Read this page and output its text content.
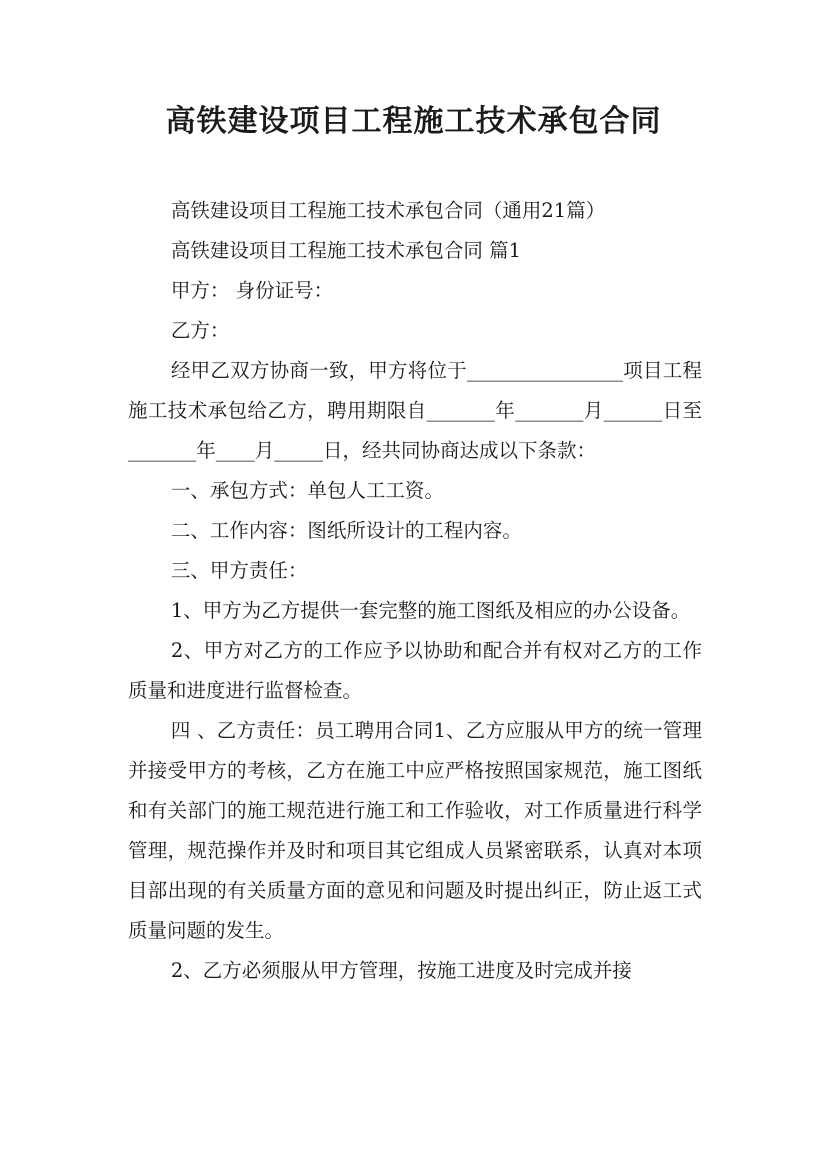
高铁建设项目工程施工技术承包合同

高铁建设项目工程施工技术承包合同（通用21篇）

高铁建设项目工程施工技术承包合同 篇1

甲方： 身份证号：

乙方：

经甲乙双方协商一致，甲方将位于________________项目工程施工技术承包给乙方，聘用期限自_______年_______月______日至_______年____月_____日，经共同协商达成以下条款：

一、承包方式：单包人工工资。

二、工作内容：图纸所设计的工程内容。

三、甲方责任：

1、甲方为乙方提供一套完整的施工图纸及相应的办公设备。

2、甲方对乙方的工作应予以协助和配合并有权对乙方的工作质量和进度进行监督检查。

四 、乙方责任：员工聘用合同1、乙方应服从甲方的统一管理并接受甲方的考核，乙方在施工中应严格按照国家规范，施工图纸和有关部门的施工规范进行施工和工作验收，对工作质量进行科学管理，规范操作并及时和项目其它组成人员紧密联系，认真对本项目部出现的有关质量方面的意见和问题及时提出纠正，防止返工式质量问题的发生。

2、乙方必须服从甲方管理，按施工进度及时完成并接
